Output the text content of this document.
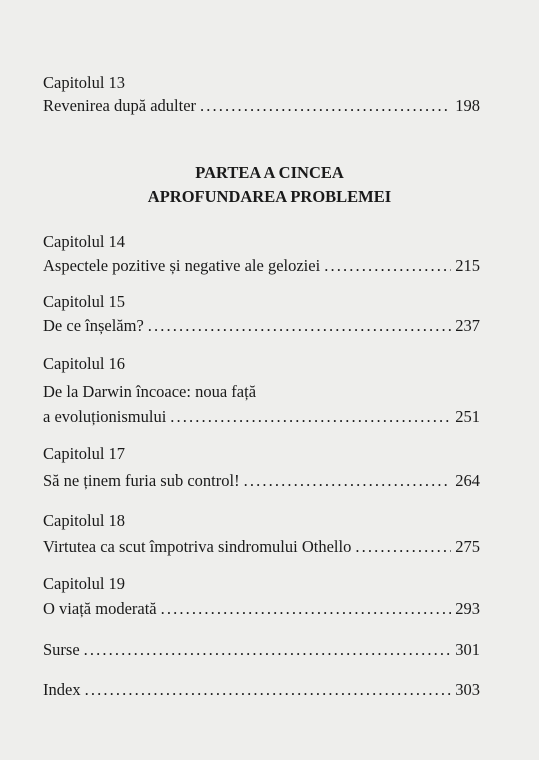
Capitolul 13
Revenirea după adulter . . .	198
PARTEA A CINCEA
APROFUNDAREA PROBLEMEI
Capitolul 14
Aspectele pozitive și negative ale geloziei . . .	215
Capitolul 15
De ce înșelăm? . . .	237
Capitolul 16
De la Darwin încoace: noua față
a evoluționismului . . .	251
Capitolul 17
Să ne ținem furia sub control! . . .	264
Capitolul 18
Virtutea ca scut împotriva sindromului Othello . . .	275
Capitolul 19
O viață moderată . . .	293
Surse . . .	301
Index . . .	303
